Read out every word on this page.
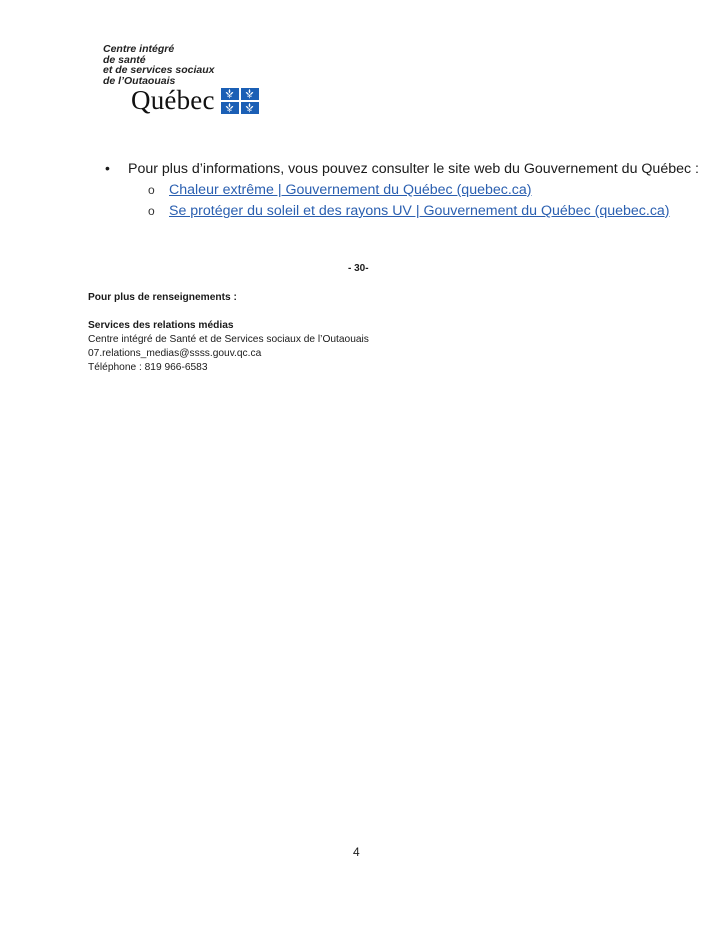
Centre intégré
de santé
et de services sociaux
de l’Outaouais
Québec
•	Pour plus d’informations, vous pouvez consulter le site web du Gouvernement du Québec :
o	Chaleur extrême | Gouvernement du Québec (quebec.ca)
o	Se protéger du soleil et des rayons UV | Gouvernement du Québec (quebec.ca)
- 30-
Pour plus de renseignements :

Services des relations médias
Centre intégré de Santé et de Services sociaux de l’Outaouais
07.relations_medias@ssss.gouv.qc.ca
Téléphone : 819 966-6583
4
